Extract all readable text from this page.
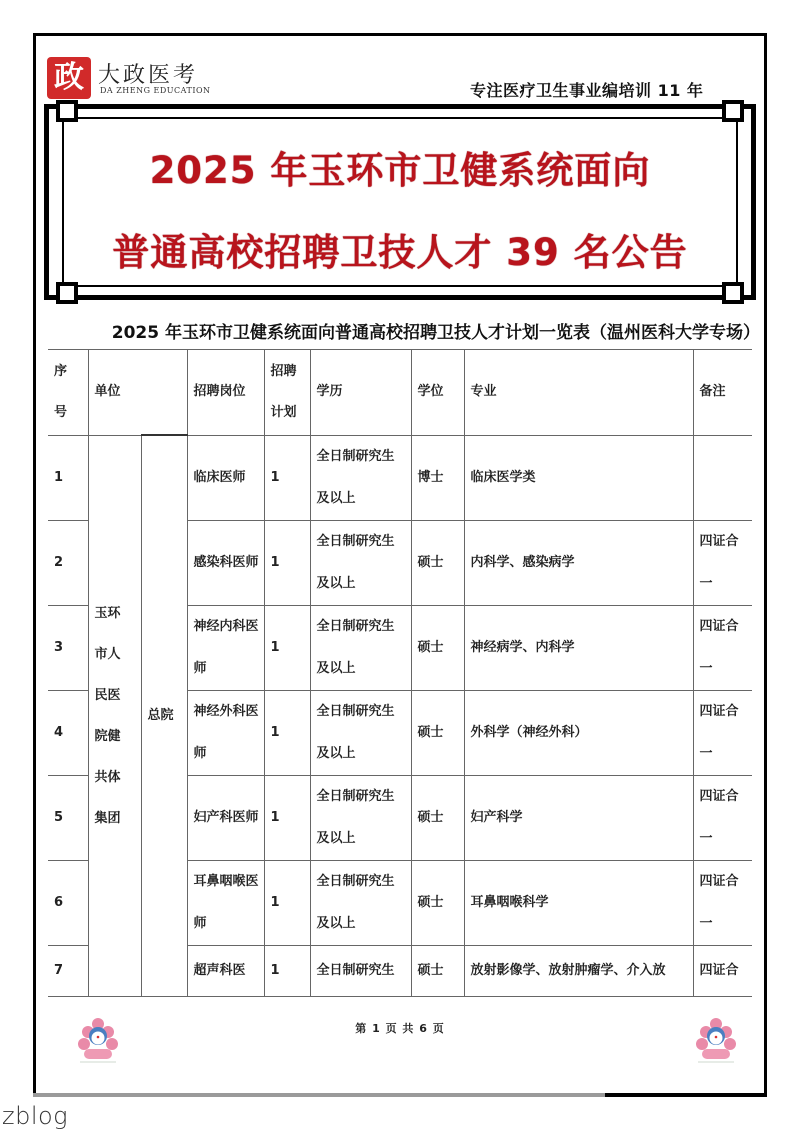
政 大政医考
DA ZHENG EDUCATION	专注医疗卫生事业编培训 11 年
2025 年玉环市卫健系统面向
普通高校招聘卫技人才 39 名公告
2025 年玉环市卫健系统面向普通高校招聘卫技人才计划一览表（温州医科大学专场）
序号	单位		招聘岗位	招聘计划	学历	学位	专业	备注
1	玉环市人民医院健共体集团	总院	临床医师	1	全日制研究生及以上	博士	临床医学类	
2			感染科医师	1	全日制研究生及以上	硕士	内科学、感染病学	四证合一

3			神经内科医师	1	全日制研究生及以上	硕士	神经病学、内科学	四证合一

4			神经外科医师	1	全日制研究生及以上	硕士	外科学（神经外科）	四证合一

5			妇产科医师	1	全日制研究生及以上	硕士	妇产科学	四证合一

6			耳鼻咽喉医师	1	全日制研究生及以上	硕士	耳鼻咽喉科学	四证合一

7			超声科医	1	全日制研究生	硕士	放射影像学、放射肿瘤学、介入放	四证合
第 1 页 共 6 页
zblog
